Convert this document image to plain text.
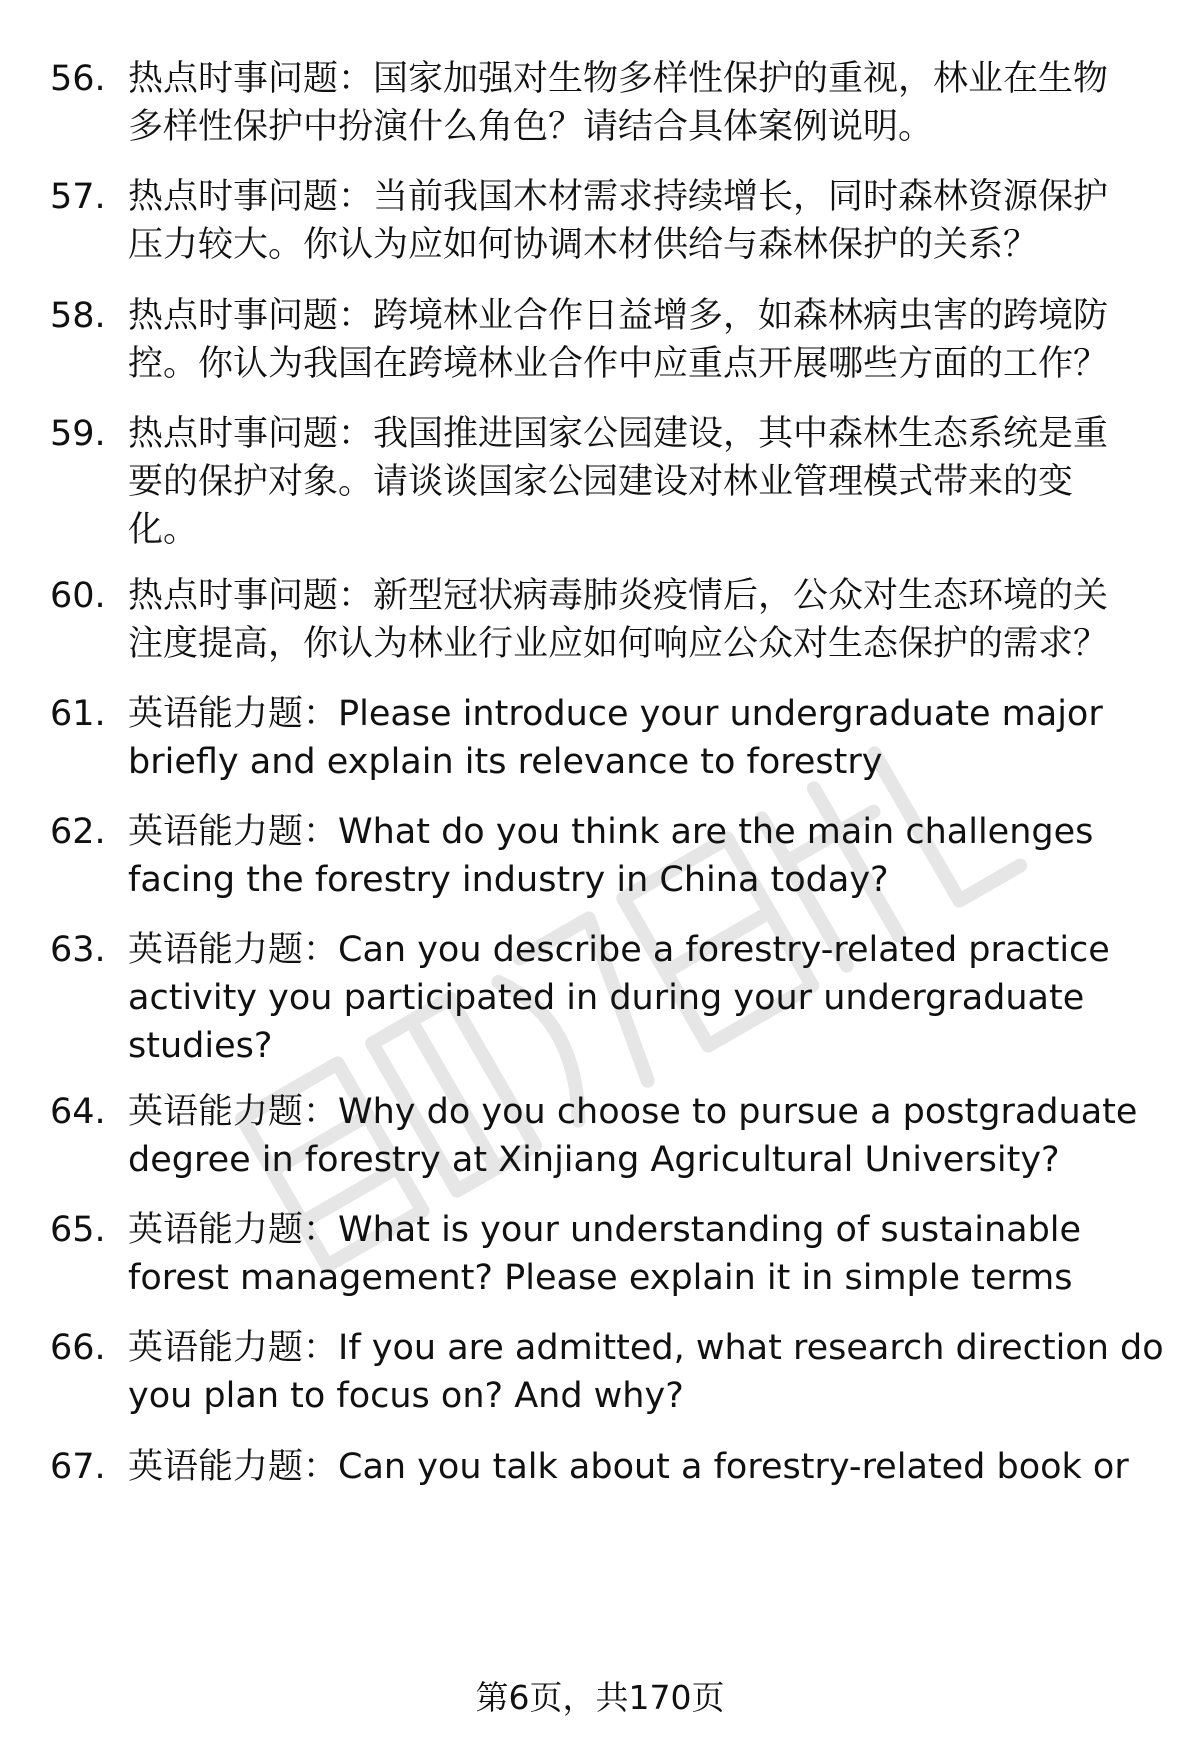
56. 热点时事问题：国家加强对生物多样性保护的重视，林业在生物
多样性保护中扮演什么角色？请结合具体案例说明。
57. 热点时事问题：当前我国木材需求持续增长，同时森林资源保护
压力较大。你认为应如何协调木材供给与森林保护的关系？
58. 热点时事问题：跨境林业合作日益增多，如森林病虫害的跨境防
控。你认为我国在跨境林业合作中应重点开展哪些方面的工作？
59. 热点时事问题：我国推进国家公园建设，其中森林生态系统是重
要的保护对象。请谈谈国家公园建设对林业管理模式带来的变
化。
60. 热点时事问题：新型冠状病毒肺炎疫情后，公众对生态环境的关
注度提高，你认为林业行业应如何响应公众对生态保护的需求？
61. 英语能力题：Please introduce your undergraduate major
briefly and explain its relevance to forestry
62. 英语能力题：What do you think are the main challenges
facing the forestry industry in China today?
63. 英语能力题：Can you describe a forestry-related practice
activity you participated in during your undergraduate
studies?
64. 英语能力题：Why do you choose to pursue a postgraduate
degree in forestry at Xinjiang Agricultural University?
65. 英语能力题：What is your understanding of sustainable
forest management? Please explain it in simple terms
66. 英语能力题：If you are admitted, what research direction do
you plan to focus on? And why?
67. 英语能力题：Can you talk about a forestry-related book or
第6页，共170页
